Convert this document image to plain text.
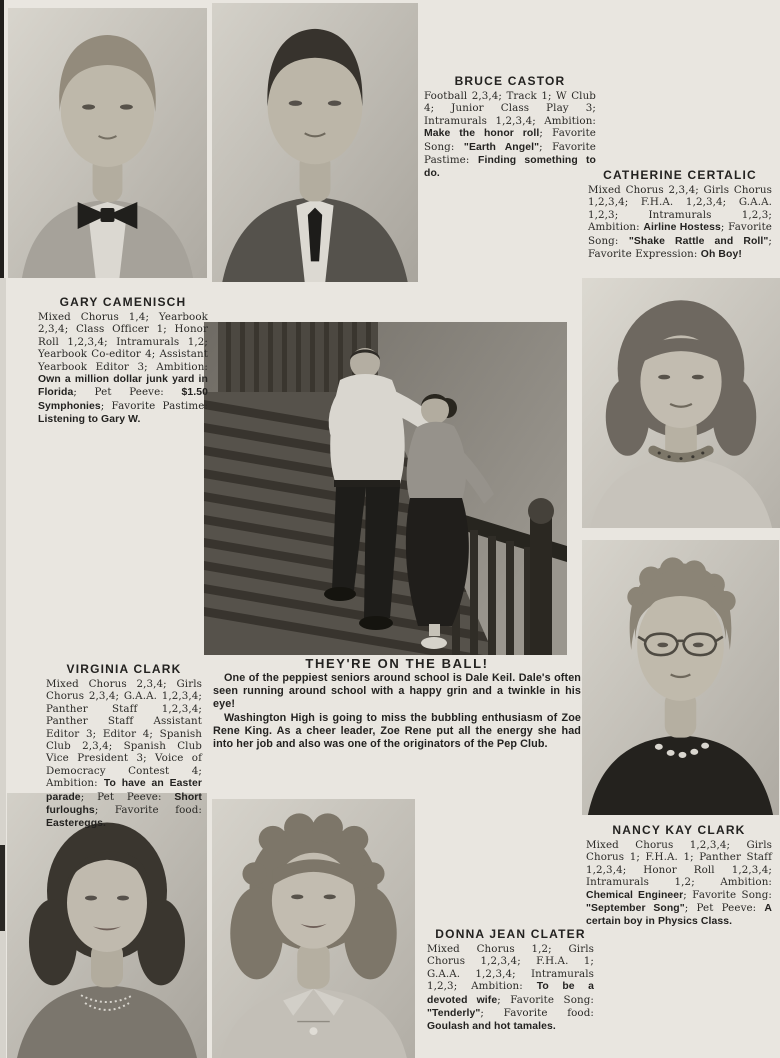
BRUCE CASTOR

Football 2,3,4; Track 1; W Club 4; Junior Class Play 3; Intramurals 1,2,3,4; Ambition: Make the honor roll; Favorite Song: "Earth Angel"; Favorite Pastime: Finding something to do.	CATHERINE CERTALIC

Mixed Chorus 2,3,4; Girls Chorus 1,2,3,4; F.H.A. 1,2,3,4; G.A.A. 1,2,3; Intramurals 1,2,3; Ambition: Airline Hostess; Favorite Song: "Shake Rattle and Roll"; Favorite Expression: Oh Boy!

GARY CAMENISCH

Mixed Chorus 1,4; Yearbook 2,3,4; Class Officer 1; Honor Roll 1,2,3,4; Intramurals 1,2; Yearbook Co-editor 4; Assistant Yearbook Editor 3; Ambition: Own a million dollar junk yard in Florida; Pet Peeve: $1.50 Symphonies; Favorite Pastime: Listening to Gary W.

VIRGINIA CLARK

Mixed Chorus 2,3,4; Girls Chorus 2,3,4; G.A.A. 1,2,3,4; Panther Staff 1,2,3,4; Panther Staff Assistant Editor 3; Editor 4; Spanish Club 2,3,4; Spanish Club Vice President 3; Voice of Democracy Contest 4; Ambition: To have an Easter parade; Pet Peeve: Short furloughs; Favorite food: Eastereggs.

THEY'RE ON THE BALL!

One of the peppiest seniors around school is Dale Keil. Dale's often seen running around school with a happy grin and a twinkle in his eye!

Washington High is going to miss the bubbling enthusiasm of Zoe Rene King. As a cheer leader, Zoe Rene put all the energy she had into her job and also was one of the originators of the Pep Club.

NANCY KAY CLARK

Mixed Chorus 1,2,3,4; Girls Chorus 1; F.H.A. 1; Panther Staff 1,2,3,4; Honor Roll 1,2,3,4; Intramurals 1,2; Ambition: Chemical Engineer; Favorite Song: "September Song"; Pet Peeve: A certain boy in Physics Class.

DONNA JEAN CLATER

Mixed Chorus 1,2; Girls Chorus 1,2,3,4; F.H.A. 1; G.A.A. 1,2,3,4; Intramurals 1,2,3; Ambition: To be a devoted wife; Favorite Song: "Tenderly"; Favorite food: Goulash and hot tamales.
